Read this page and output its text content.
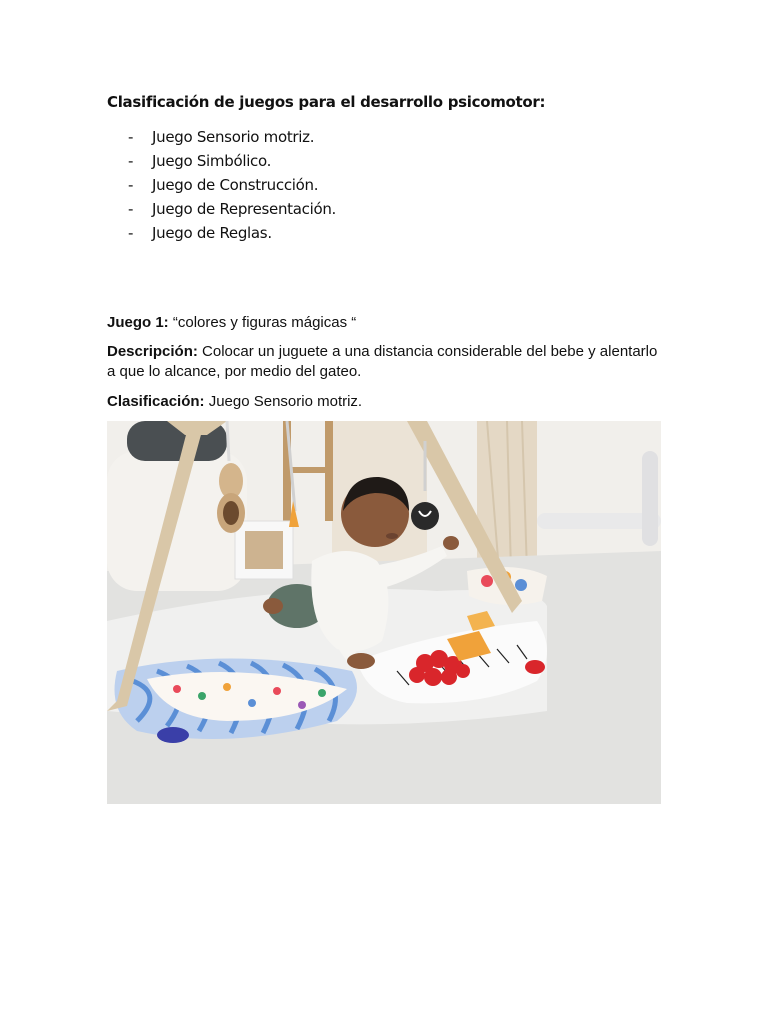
Clasificación de juegos para el desarrollo psicomotor:
-	Juego Sensorio motriz.
-	Juego Simbólico.
-	Juego de Construcción.
-	Juego de Representación.
-	Juego de Reglas.
Juego 1: “colores y figuras mágicas “
Descripción: Colocar un juguete a una distancia considerable del bebe y alentarlo a que lo alcance, por medio del gateo.
Clasificación: Juego Sensorio motriz.
